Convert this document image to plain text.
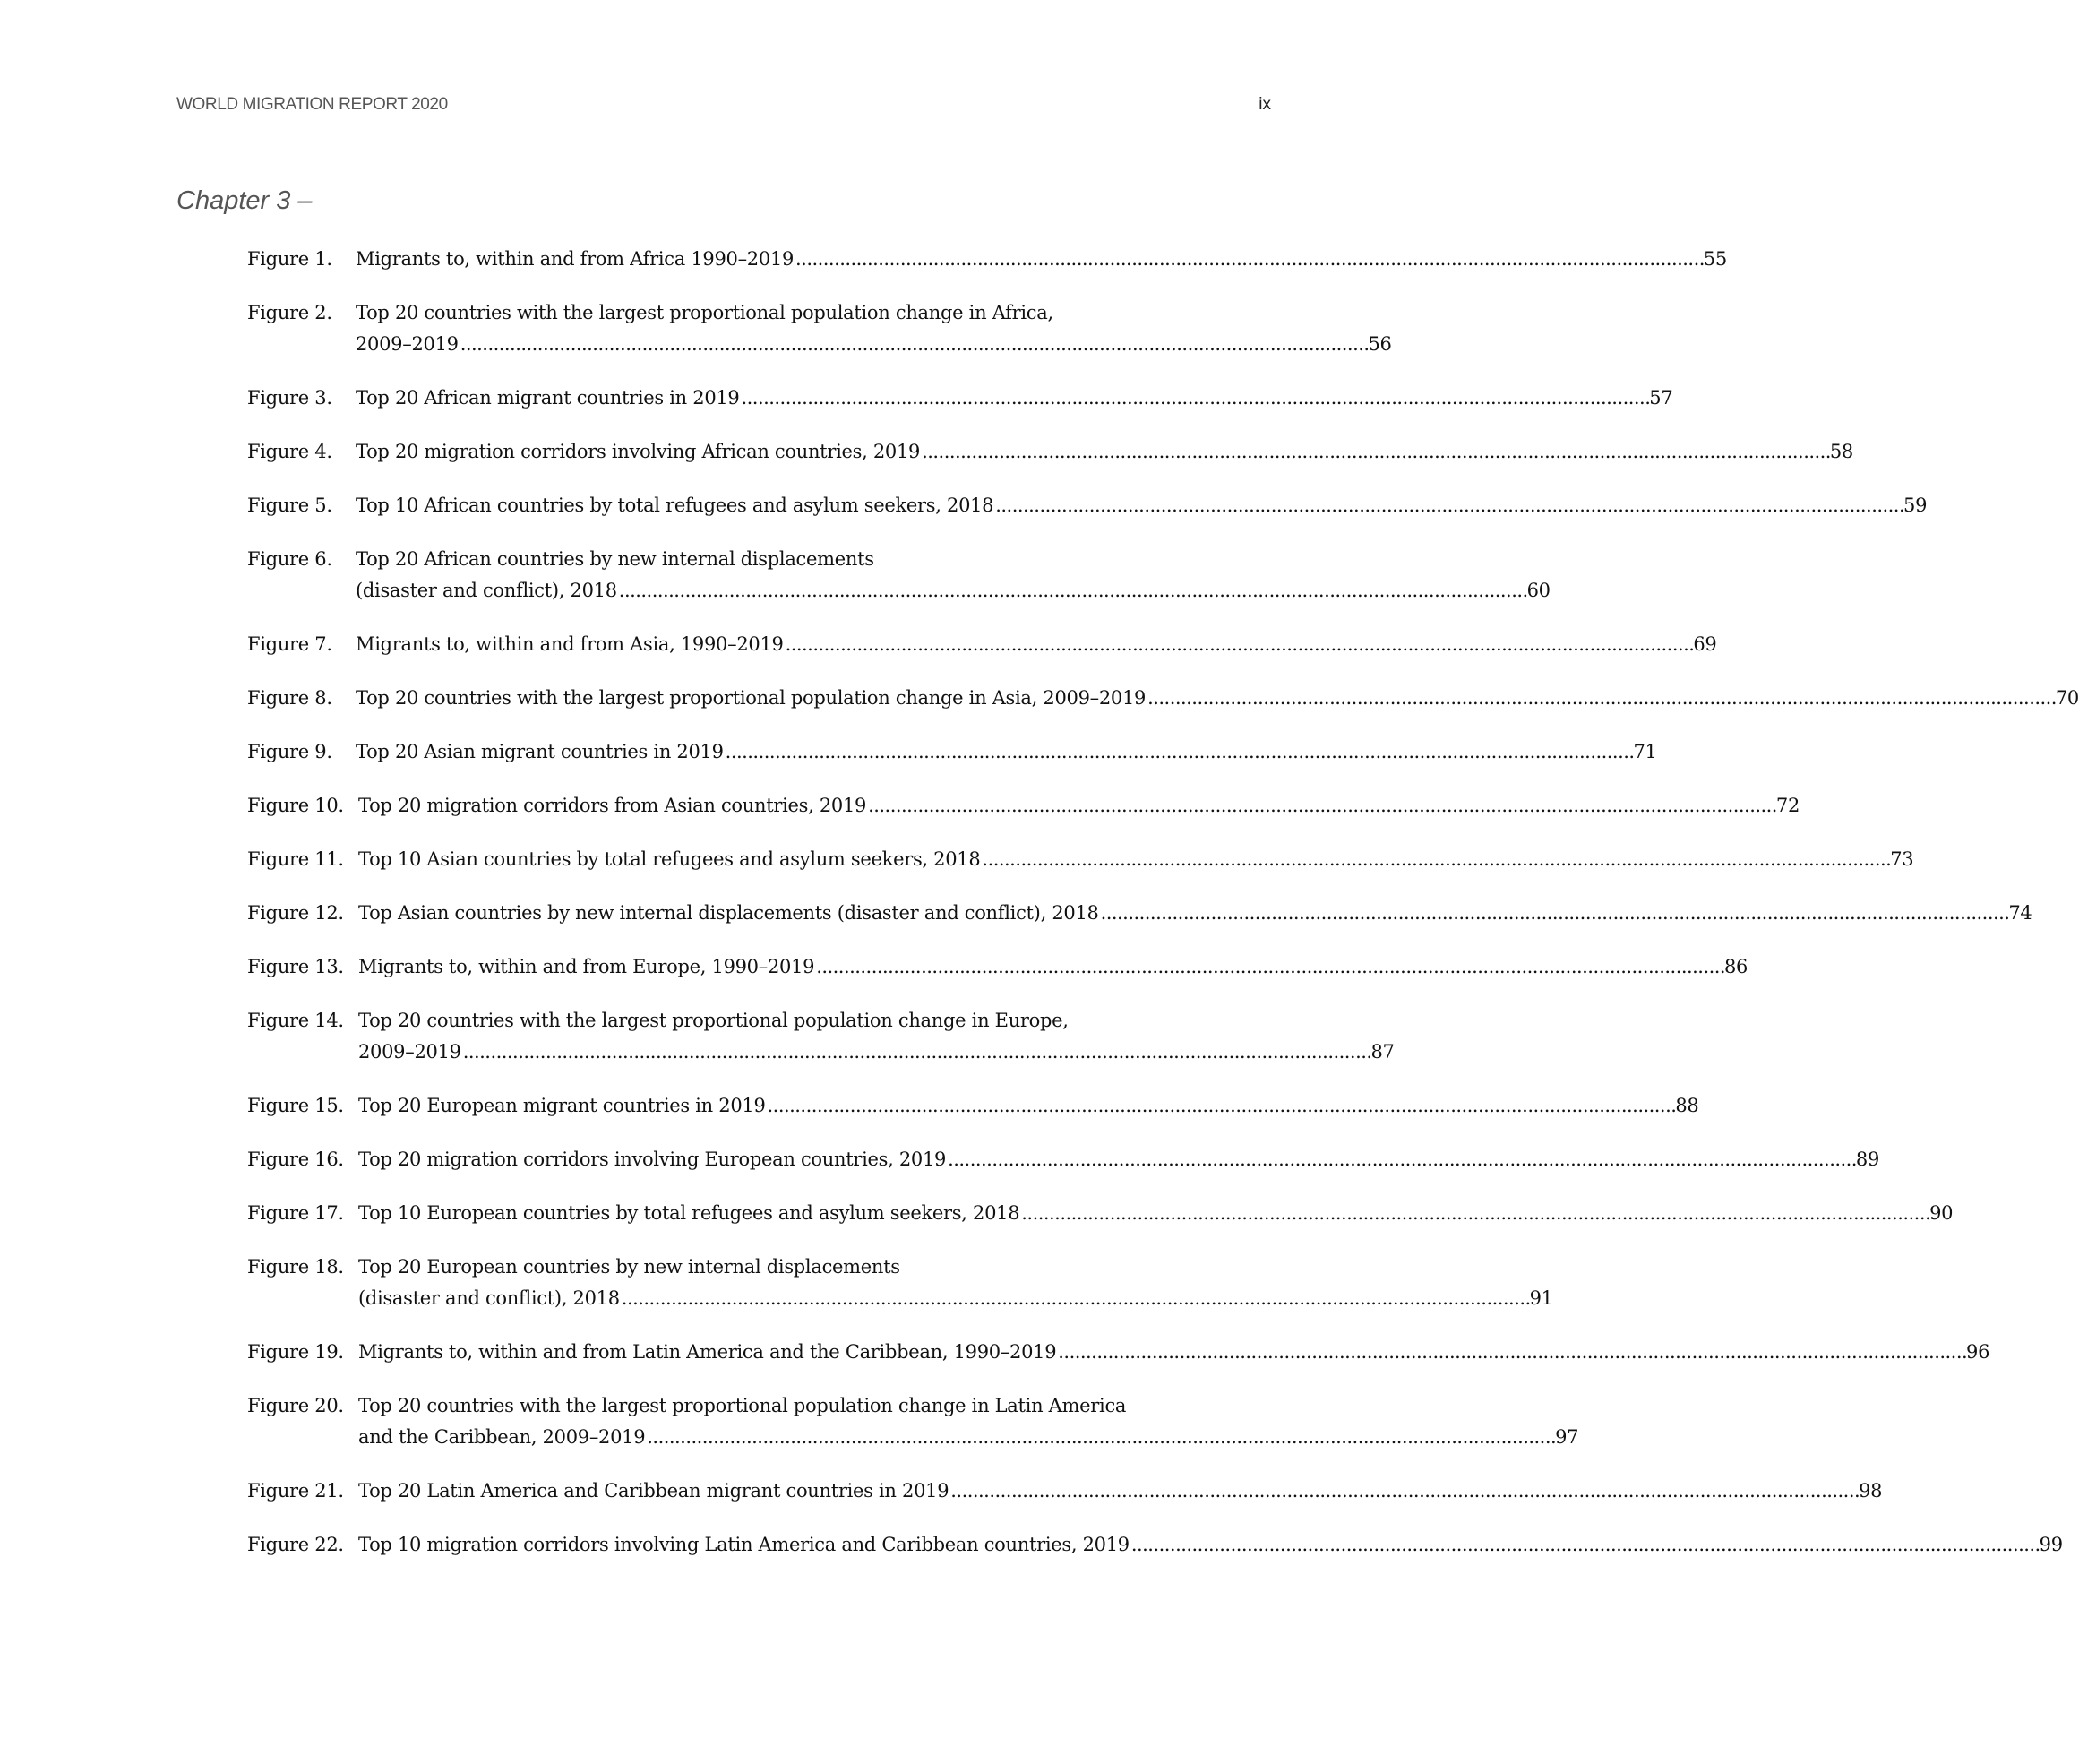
WORLD MIGRATION REPORT 2020	ix
Chapter 3 –
Figure 1.	Migrants to, within and from Africa 1990–2019 . . .	55
Figure 2.	Top 20 countries with the largest proportional population change in Africa,
2009–2019 . . .	56
Figure 3.	Top 20 African migrant countries in 2019 . . .	57
Figure 4.	Top 20 migration corridors involving African countries, 2019 . . .	58
Figure 5.	Top 10 African countries by total refugees and asylum seekers, 2018 . . .	59
Figure 6.	Top 20 African countries by new internal displacements
(disaster and conflict), 2018 . . .	60
Figure 7.	Migrants to, within and from Asia, 1990–2019 . . .	69
Figure 8.	Top 20 countries with the largest proportional population change in Asia, 2009–2019 . . .	70
Figure 9.	Top 20 Asian migrant countries in 2019 . . .	71
Figure 10. Top 20 migration corridors from Asian countries, 2019 . . .	72
Figure 11. Top 10 Asian countries by total refugees and asylum seekers, 2018 . . .	73
Figure 12. Top Asian countries by new internal displacements (disaster and conflict), 2018 . . .	74
Figure 13. Migrants to, within and from Europe, 1990–2019 . . .	86
Figure 14. Top 20 countries with the largest proportional population change in Europe,
2009–2019 . . .	87
Figure 15. Top 20 European migrant countries in 2019 . . .	88
Figure 16. Top 20 migration corridors involving European countries, 2019 . . .	89
Figure 17. Top 10 European countries by total refugees and asylum seekers, 2018 . . .	90
Figure 18. Top 20 European countries by new internal displacements
(disaster and conflict), 2018 . . .	91
Figure 19. Migrants to, within and from Latin America and the Caribbean, 1990–2019 . . .	96
Figure 20. Top 20 countries with the largest proportional population change in Latin America
and the Caribbean, 2009–2019 . . .	97
Figure 21. Top 20 Latin America and Caribbean migrant countries in 2019 . . .	98
Figure 22. Top 10 migration corridors involving Latin America and Caribbean countries, 2019 . . .	99
